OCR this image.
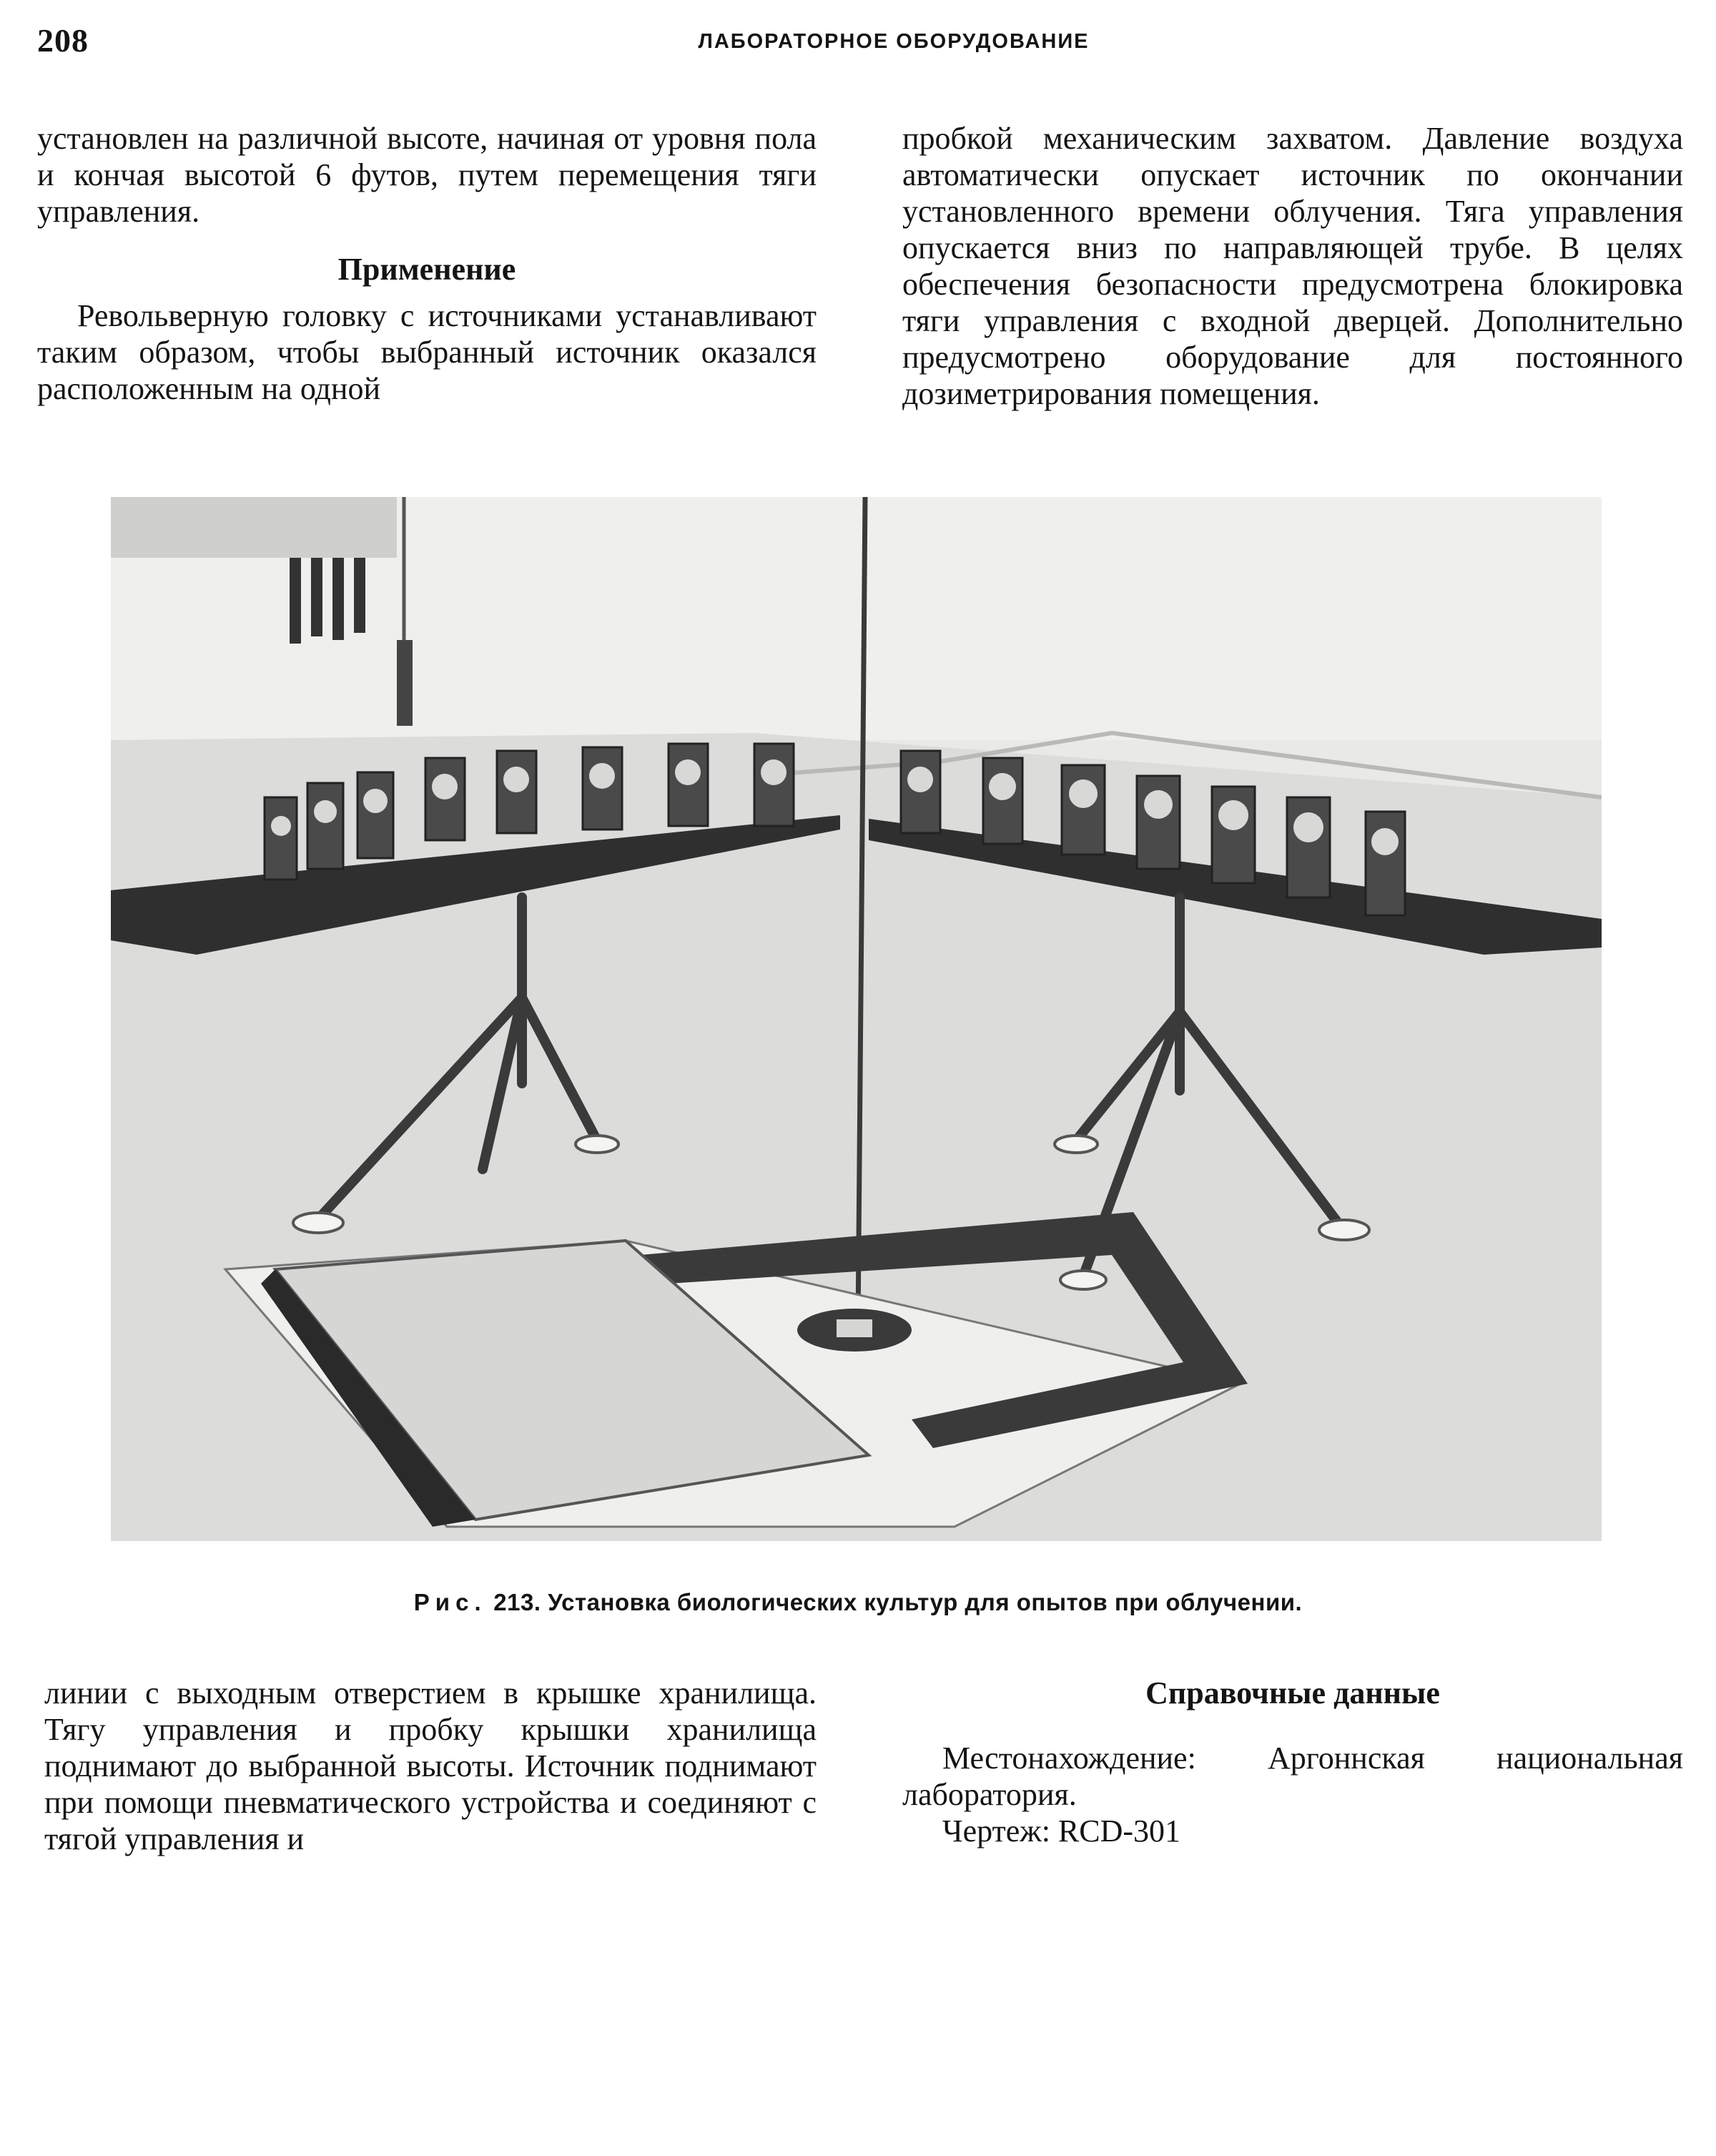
208	ЛАБОРАТОРНОЕ ОБОРУДОВАНИЕ

установлен на различной высоте, начиная от уровня пола и кончая высотой 6 футов, путем перемещения тяги управления.

Применение

Револьверную головку с источниками устанавливают таким образом, чтобы выбранный источник оказался расположенным на одной

пробкой механическим захватом. Давление воздуха автоматически опускает источник по окончании установленного времени облучения. Тяга управления опускается вниз по направляющей трубе. В целях обеспечения безопасности предусмотрена блокировка тяги управления с входной дверцей. Дополнительно предусмотрено оборудование для постоянного дозиметрирования помещения.

Рис. 213. Установка биологических культур для опытов при облучении.

линии с выходным отверстием в крышке хранилища. Тягу управления и пробку крышки хранилища поднимают до выбранной высоты. Источник поднимают при помощи пневматического устройства и соединяют с тягой управления и

Справочные данные

Местонахождение: Аргоннская национальная лаборатория.

Чертеж: RCD-301
